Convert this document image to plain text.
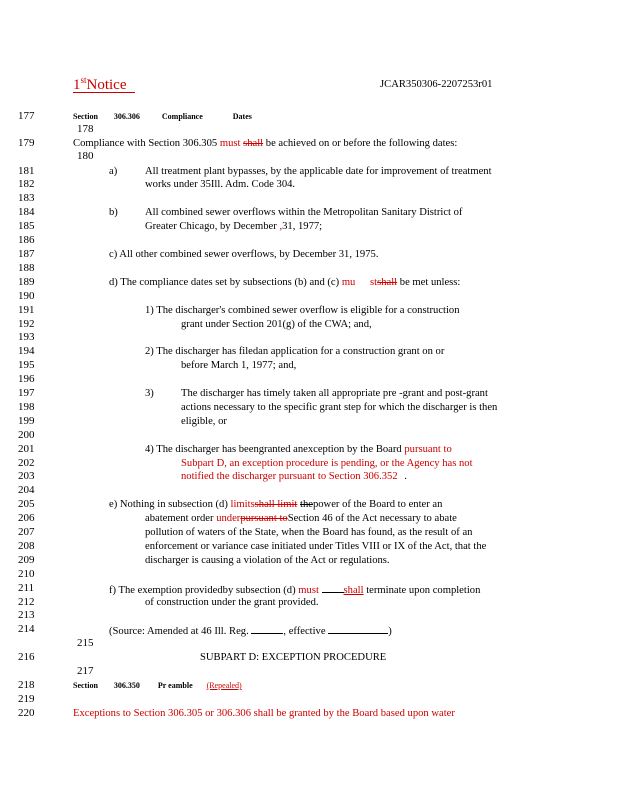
1stNotice	JCAR350306-2207253r01
177
178
179
180
181
182
183
184
185
186
187
188
189
190
191
192
193
194
195
196
197
198
199
200
201
202
203
204
205
206
207
208
209
210
211
212
213
214
215
216
217
218
219
220
Section 306.306	Compliance	Dates
Compliance with Section 306.305 must shall be achieved on or before the following dates:
a)	All treatment plant bypasses, by the applicable date for improvement of treatment
works under 35Ill. Adm. Code 304.
b)	All combined sewer overflows within the Metropolitan Sanitary District of
Greater Chicago, by December ,31, 1977;
c) All other combined sewer overflows, by December 31, 1975.
d) The compliance dates set by subsections (b) and (c) mu stshall be met unless:
1) The discharger's combined sewer overflow is eligible for a construction
grant under Section 201(g) of the CWA; and,
2) The discharger has filedan application for a construction grant on or
before March 1, 1977; and,
3)	The discharger has timely taken all appropriate pre -grant and post-grant
actions necessary to the specific grant step for which the discharger is then
eligible, or
4) The discharger has beengranted anexception by the Board pursuant to
Subpart D, an exception procedure is pending, or the Agency has not
notified the discharger pursuant to Section 306.352 .
e) Nothing in subsection (d) limitsshall limit thepower of the Board to enter an
abatement order underpursuant toSection 46 of the Act necessary to abate
pollution of waters of the State, when the Board has found, as the result of an
enforcement or variance case initiated under Titles VIII or IX of the Act, that the
discharger is causing a violation of the Act or regulations.
f) The exemption providedby subsection (d) must shall terminate upon completion
of construction under the grant provided.
(Source: Amended at 46 Ill. Reg.	, effective	)
SUBPART D: EXCEPTION PROCEDURE
Section 306.350 Pr eamble (Repealed)
Exceptions to Section 306.305 or 306.306 shall be granted by the Board based upon water
